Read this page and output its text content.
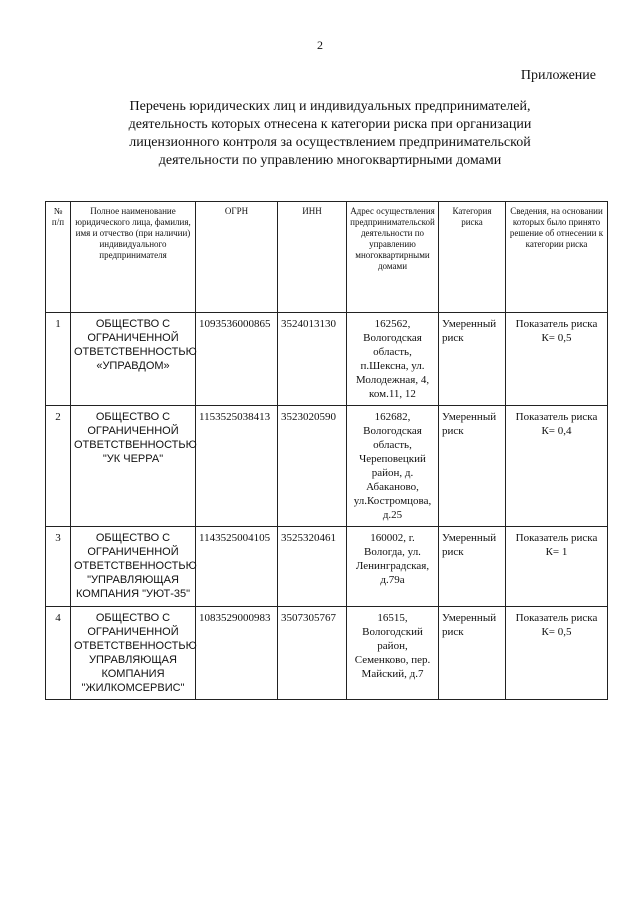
2
Приложение
Перечень юридических лиц и индивидуальных предпринимателей,
деятельность которых отнесена к категории риска при организации
лицензионного контроля за осуществлением предпринимательской
деятельности по управлению многоквартирными домами
№ п/п	Полное наименование юридического лица, фамилия, имя и отчество (при наличии) индивидуального предпринимателя	ОГРН	ИНН	Адрес осуществления предпринимательской деятельности по управлению многоквартирными домами	Категория риска	Сведения, на основании которых было принято решение об отнесении к категории риска
1	ОБЩЕСТВО С ОГРАНИЧЕННОЙ ОТВЕТСТВЕННОСТЬЮ «УПРАВДОМ»	1093536000865	3524013130	162562, Вологодская область, п.Шексна, ул. Молодежная, 4, ком.11, 12	Умеренный риск	Показатель риска К= 0,5
2	ОБЩЕСТВО С ОГРАНИЧЕННОЙ ОТВЕТСТВЕННОСТЬЮ "УК ЧЕРРА"	1153525038413	3523020590	162682, Вологодская область, Череповецкий район, д. Абаканово, ул.Костромцова, д.25	Умеренный риск	Показатель риска К= 0,4
3	ОБЩЕСТВО С ОГРАНИЧЕННОЙ ОТВЕТСТВЕННОСТЬЮ "УПРАВЛЯЮЩАЯ КОМПАНИЯ "УЮТ-35"	1143525004105	3525320461	160002, г. Вологда, ул. Ленинградская, д.79а	Умеренный риск	Показатель риска К= 1
4	ОБЩЕСТВО С ОГРАНИЧЕННОЙ ОТВЕТСТВЕННОСТЬЮ УПРАВЛЯЮЩАЯ КОМПАНИЯ "ЖИЛКОМСЕРВИС"	1083529000983	3507305767	16515, Вологодский район, Семенково, пер. Майский, д.7	Умеренный риск	Показатель риска К= 0,5
